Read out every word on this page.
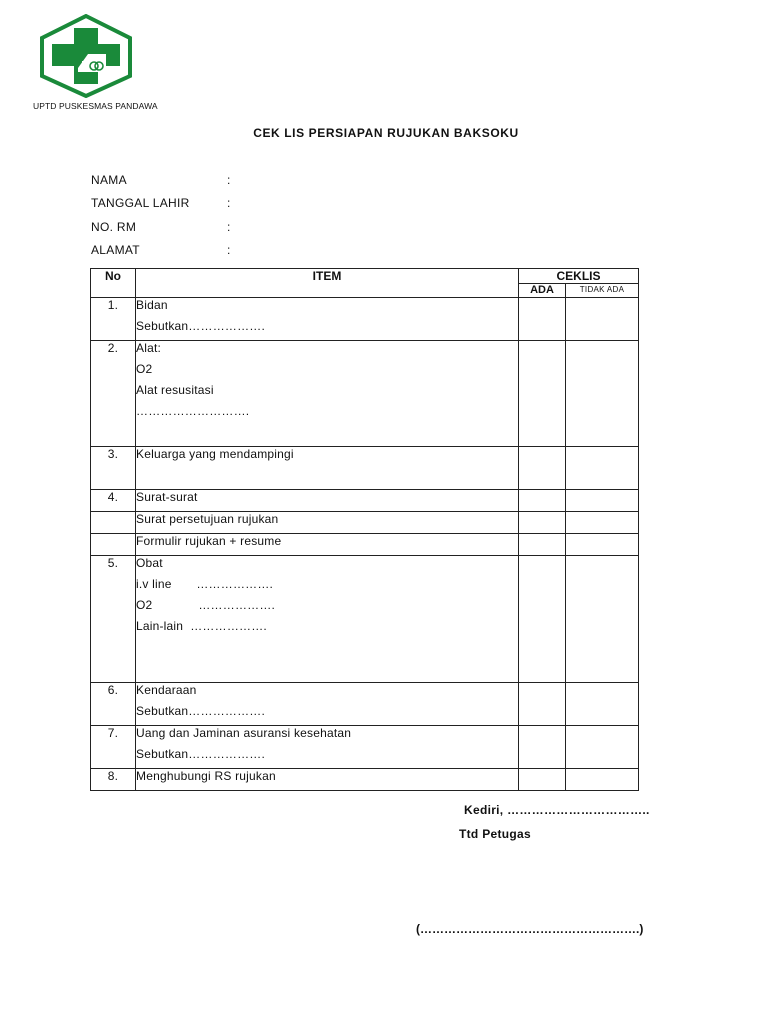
UPTD PUSKESMAS PANDAWA
CEK LIS PERSIAPAN RUJUKAN BAKSOKU
NAMA	:
TANGGAL LAHIR	:
NO. RM	:
ALAMAT	:
No	ITEM	CEKLIS	
		ADA	TIDAK ADA

1.	Bidan
Sebutkan……………….		

2.	Alat:
O2
Alat resusitasi
……………………….		

3.	Keluarga yang mendampingi		

4.	Surat-surat		

	Surat persetujuan rujukan		

	Formulir rujukan + resume		

5.	Obat
i.v line       ……………….
O2             ……………….
Lain-lain  ……………….		

6.	Kendaraan
Sebutkan……………….		

7.	Uang dan Jaminan asuransi kesehatan
Sebutkan……………….		

8.	Menghubungi RS rujukan		

Kediri, ……………………………..
Ttd Petugas
(……………………………………………….)
